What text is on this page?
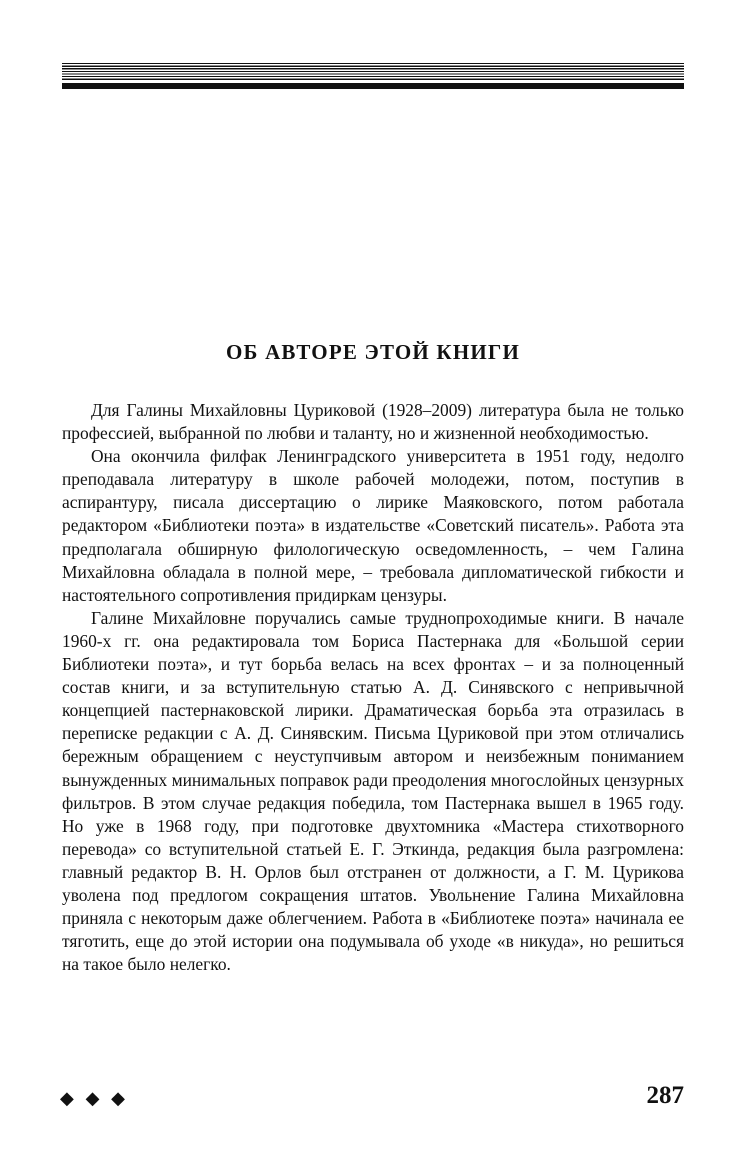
ОБ АВТОРЕ ЭТОЙ КНИГИ

Для Галины Михайловны Цуриковой (1928–2009) литература была не только профессией, выбранной по любви и таланту, но и жизненной необходимостью.

Она окончила филфак Ленинградского университета в 1951 году, недолго преподавала литературу в школе рабочей молодежи, потом, поступив в аспирантуру, писала диссертацию о лирике Маяковского, потом работала редактором «Библиотеки поэта» в издательстве «Советский писатель». Работа эта предполагала обширную филологическую осведомленность, – чем Галина Михайловна обладала в полной мере, – требовала дипломатической гибкости и настоятельного сопротивления придиркам цензуры.

Галине Михайловне поручались самые труднопроходимые книги. В начале 1960-х гг. она редактировала том Бориса Пастернака для «Большой серии Библиотеки поэта», и тут борьба велась на всех фронтах – и за полноценный состав книги, и за вступительную статью А. Д. Синявского с непривычной концепцией пастернаковской лирики. Драматическая борьба эта отразилась в переписке редакции с А. Д. Синявским. Письма Цуриковой при этом отличались бережным обращением с неуступчивым автором и неизбежным пониманием вынужденных минимальных поправок ради преодоления многослойных цензурных фильтров. В этом случае редакция победила, том Пастернака вышел в 1965 году. Но уже в 1968 году, при подготовке двухтомника «Мастера стихотворного перевода» со вступительной статьей Е. Г. Эткинда, редакция была разгромлена: главный редактор В. Н. Орлов был отстранен от должности, а Г. М. Цурикова уволена под предлогом сокращения штатов. Увольнение Галина Михайловна приняла с некоторым даже облегчением. Работа в «Библиотеке поэта» начинала ее тяготить, еще до этой истории она подумывала об уходе «в никуда», но решиться на такое было нелегко.

◆ ◆ ◆	287
